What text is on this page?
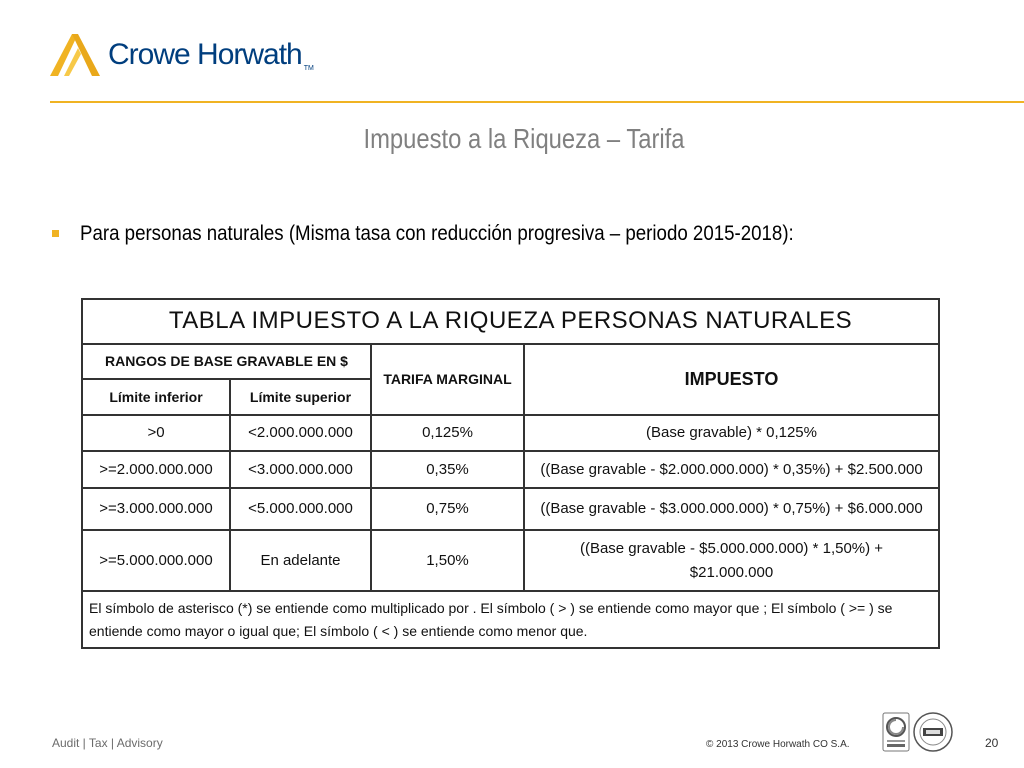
Crowe Horwath ™
Impuesto a la Riqueza – Tarifa
Para personas naturales (Misma tasa con reducción progresiva – periodo 2015-2018):
TABLA IMPUESTO A LA RIQUEZA PERSONAS NATURALES			
RANGOS DE BASE GRAVABLE EN $		TARIFA MARGINAL	IMPUESTO
Límite inferior	Límite superior		
>0	<2.000.000.000	0,125%	(Base gravable) * 0,125%
>=2.000.000.000	<3.000.000.000	0,35%	((Base gravable - $2.000.000.000) * 0,35%) + $2.500.000
>=3.000.000.000	<5.000.000.000	0,75%	((Base gravable - $3.000.000.000) * 0,75%) + $6.000.000
>=5.000.000.000	En adelante	1,50%	((Base gravable - $5.000.000.000) * 1,50%) +
$21.000.000

El símbolo de asterisco (*) se entiende como multiplicado por . El símbolo ( > ) se entiende como mayor que ; El símbolo ( >= ) se entiende como mayor o igual que; El símbolo ( < ) se entiende como menor que.			
Audit | Tax | Advisory	© 2013 Crowe Horwath CO S.A.	20
